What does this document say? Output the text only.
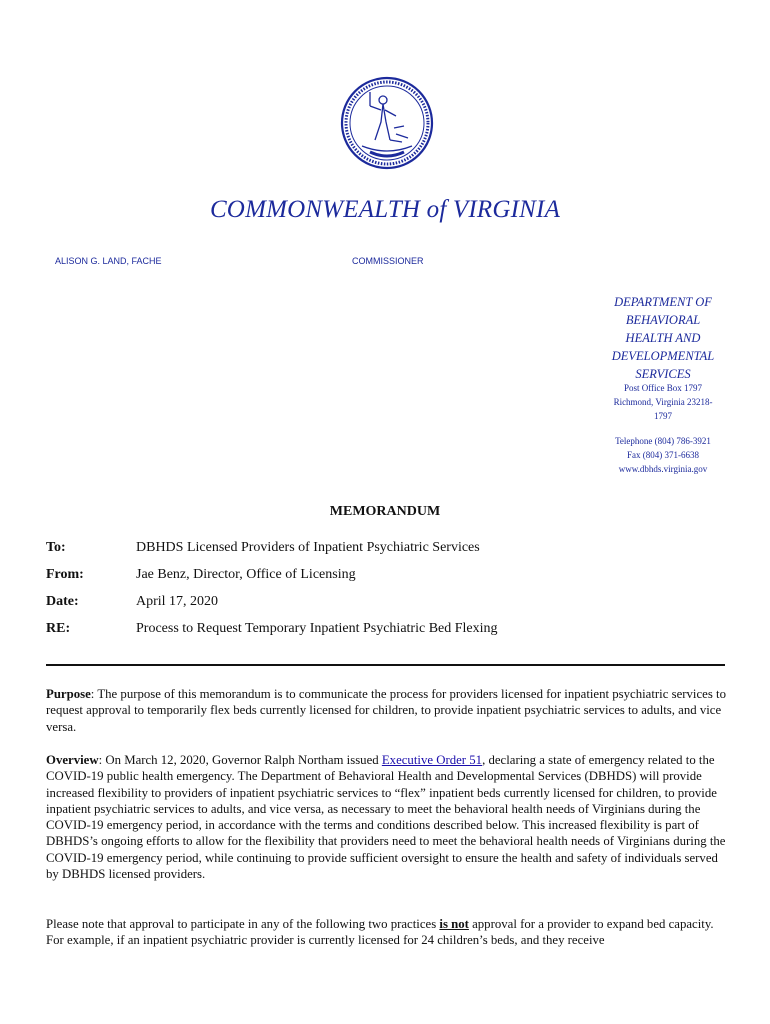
COMMONWEALTH of VIRGINIA
ALISON G. LAND, FACHE	COMMISSIONER
DEPARTMENT OF
BEHAVIORAL
HEALTH AND
DEVELOPMENTAL
SERVICES
Post Office Box 1797
Richmond, Virginia 23218-
1797
Telephone (804) 786-3921
Fax (804) 371-6638
www.dbhds.virginia.gov
MEMORANDUM
To:	DBHDS Licensed Providers of Inpatient Psychiatric Services
From:	Jae Benz, Director, Office of Licensing
Date:	April 17, 2020
RE:	Process to Request Temporary Inpatient Psychiatric Bed Flexing

Purpose: The purpose of this memorandum is to communicate the process for providers licensed for inpatient psychiatric services to request approval to temporarily flex beds currently licensed for children, to provide inpatient psychiatric services to adults, and vice versa.

Overview: On March 12, 2020, Governor Ralph Northam issued Executive Order 51, declaring a state of emergency related to the COVID-19 public health emergency. The Department of Behavioral Health and Developmental Services (DBHDS) will provide increased flexibility to providers of inpatient psychiatric services to “flex” inpatient beds currently licensed for children, to provide inpatient psychiatric services to adults, and vice versa, as necessary to meet the behavioral health needs of Virginians during the COVID-19 emergency period, in accordance with the terms and conditions described below. This increased flexibility is part of DBHDS’s ongoing efforts to allow for the flexibility that providers need to meet the behavioral health needs of Virginians during the COVID-19 emergency period, while continuing to provide sufficient oversight to ensure the health and safety of individuals served by DBHDS licensed providers.

Please note that approval to participate in any of the following two practices is not approval for a provider to expand bed capacity. For example, if an inpatient psychiatric provider is currently licensed for 24 children’s beds, and they receive
